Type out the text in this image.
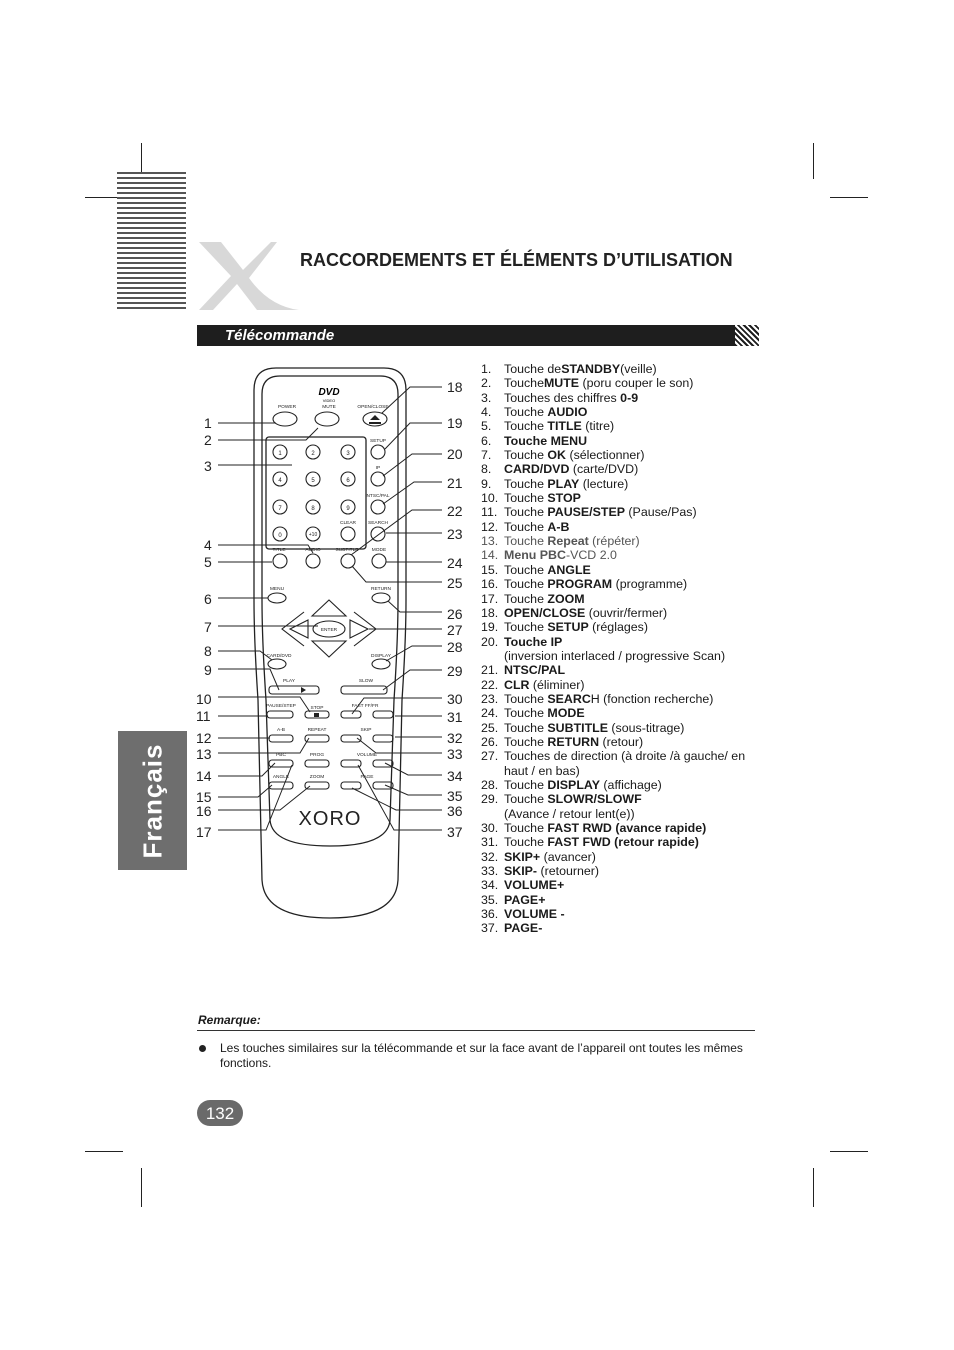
RACCORDEMENTS ET ÉLÉMENTS D’UTILISATION
Télécommande
Français
DVD
VIDEO
POWER	MUTE	OPEN/CLOSE
SETUP
IP
NTSC/PAL
CLEAR	SEARCH
TITLE	AUDIO	SUBTITLE	MODE
MENU	RETURN
ENTER
CARD/DVD	DISPLAY
PLAY	SLOW
PAUSE/STEP	STOP	FAST FF/FR
A-B	REPEAT	SKIP
PBC	PROG	VOLUME
ANGLE	ZOOM	PAGE
1	2	3
4	5	6
7	8	9
0	+10
XORO
1
2
3
4
5
6
7
8
9
10
11
12
13
14
15
16
17
18
19
20
21
22
23
24
25
26
27
28
29
30
31
32
33
34
35
36
37
1.	Touche de STANDBY (veille)
2.	Touche MUTE (poru couper le son)
3.	Touches des chiffres 0-9
4.	Touche AUDIO
5.	Touche TITLE (titre)
6.	Touche MENU
7.	Touche OK (sélectionner)
8.	CARD/DVD (carte/DVD)
9.	Touche PLAY (lecture)
10. Touche STOP
11. Touche PAUSE/STEP (Pause/Pas)
12. Touche A-B
13. Touche Repeat (répéter)
14. Menu PBC -VCD 2.0
15. Touche ANGLE
16. Touche PROGRAM (programme)
17. Touche ZOOM
18. OPEN/CLOSE (ouvrir/fermer)
19. Touche SETUP (réglages)
20. Touche IP
(inversion interlaced / progressive Scan)
21. NTSC/PAL
22. CLR (éliminer)
23. Touche SEARC H (fonction recherche)
24. Touche MODE
25. Touche SUBTITLE (sous-titrage)
26. Touche RETURN (retour)
27. Touches de direction (à droite /à gauche/ en
haut / en bas)
28. Touche DISPLAY (affichage)
29. Touche SLOWR/SLOWF
(Avance / retour lent(e))
30. Touche FAST RWD (avance rapide)
31. Touche FAST FWD (retour rapide)
32. SKIP+ (avancer)
33. SKIP- (retourner)
34. VOLUME+
35. PAGE+
36. VOLUME -
37. PAGE-
Remarque:
Les touches similaires sur la télécommande et sur la face avant de l’appareil ont toutes les mêmes fonctions.
132
